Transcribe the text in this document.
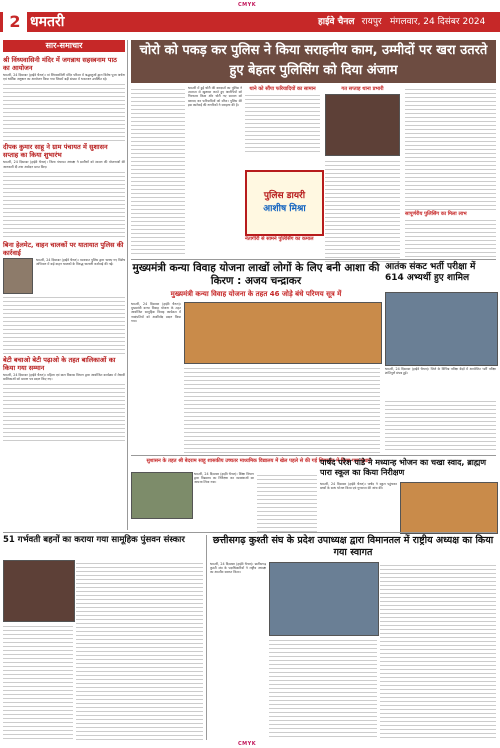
CMYK
2 धमतरी	हाईवे चैनल रायपुर मंगलवार, 24 दिसंबर 2024
सार-समाचार
श्री विंध्यवासिनी मंदिर में जगन्नाथ सहस्त्रनाम पाठ का आयोजन
धमतरी, 24 दिसम्बर (हाईवे चैनल)। मां विंध्यवासिनी मंदिर परिसर में श्रद्धालुओं द्वारा विशेष पूजा अर्चना एवं धार्मिक अनुष्ठान का आयोजन किया गया जिसमें बड़ी संख्या में भक्तजन उपस्थित रहे।
दीपक कुमार साहू ने ग्राम पंचायत में सुशासन सप्ताह का किया शुभारंभ
धमतरी, 24 दिसम्बर (हाईवे चैनल)। जिला पंचायत अध्यक्ष ने ग्रामीणों को शासन की योजनाओं की जानकारी दी तथा आवेदन प्राप्त किए।
बिना हेलमेट, वाहन चालकों पर यातायात पुलिस की कार्रवाई
धमतरी, 24 दिसम्बर (हाईवे चैनल)। यातायात पुलिस द्वारा चलाए गए विशेष अभियान में कई वाहन चालकों के विरुद्ध चालानी कार्रवाई की गई।
बेटी बचाओ बेटी पढ़ाओ के तहत बालिकाओं का किया गया सम्मान
धमतरी, 24 दिसम्बर (हाईवे चैनल)। महिला एवं बाल विकास विभाग द्वारा आयोजित कार्यक्रम में मेधावी बालिकाओं को प्रमाण पत्र प्रदान किए गए।
चोरो को पकड़ कर पुलिस ने किया सराहनीय काम, उम्मीदों पर खरा उतरते हुए बेहतर पुलिसिंग को दिया अंजाम
धमतरी में हुई चोरी की वारदातों का पुलिस ने तत्परता से खुलासा करते हुए आरोपियों को गिरफ्तार किया और चोरी गए सामान को बरामद कर फरियादियों को सौंपा। पुलिस की इस कार्रवाई की नागरिकों ने सराहना की है।
थाने को सौंपा फरियादियों का सामान
पुलिस डायरी
आशीष मिश्रा
नेतागीरी से सामने पुलिसिंग का कमाल
गत सप्ताह थाना प्रभारी
सापूर्णरीय पुलिसिंग का मिला लाभ
मुख्यमंत्री कन्या विवाह योजना लाखों लोगों के लिए बनी आशा की किरण : अजय चन्द्राकर
मुख्यमंत्री कन्या विवाह योजना के तहत 46 जोड़े बंधे परिणय सूत्र में
धमतरी, 24 दिसम्बर (हाईवे चैनल)। मुख्यमंत्री कन्या विवाह योजना के तहत आयोजित सामूहिक विवाह कार्यक्रम में नवदंपतियों को आशीर्वाद प्रदान किया गया।
आतंक संकट भर्ती परीक्षा में 614 अभ्यर्थी हुए शामिल
धमतरी, 24 दिसम्बर (हाईवे चैनल)। जिले के विभिन्न परीक्षा केंद्रों में आयोजित भर्ती परीक्षा शांतिपूर्ण संपन्न हुई।
सुशासन के तहत श्री बेदराम साहू शासकीय उच्चतर माध्यमिक विद्यालय में खेल पहले से की गई शिकायत में किया गया सुधार
धमतरी, 24 दिसम्बर (हाईवे चैनल)। शिक्षा विभाग द्वारा विद्यालय का निरीक्षण कर व्यवस्थाओं का जायजा लिया गया।
पार्षद परेश पांडे ने मध्यान्ह भोजन का चखा स्वाद, ब्राह्मण पारा स्कूल का किया निरीक्षण
धमतरी, 24 दिसम्बर (हाईवे चैनल)। पार्षद ने स्कूल पहुंचकर बच्चों के साथ भोजन किया एवं गुणवत्ता की जांच की।
51 गर्भवती बहनों का कराया गया सामूहिक पुंसवन संस्कार	छत्तीसगढ़ कुश्ती संघ के प्रदेश उपाध्यक्ष द्वारा विमानतल में राष्ट्रीय अध्यक्ष का किया गया स्वागत
धमतरी, 24 दिसम्बर (हाईवे चैनल)। छत्तीसगढ़ कुश्ती संघ के पदाधिकारियों ने राष्ट्रीय अध्यक्ष का आत्मीय स्वागत किया।
CMYK
